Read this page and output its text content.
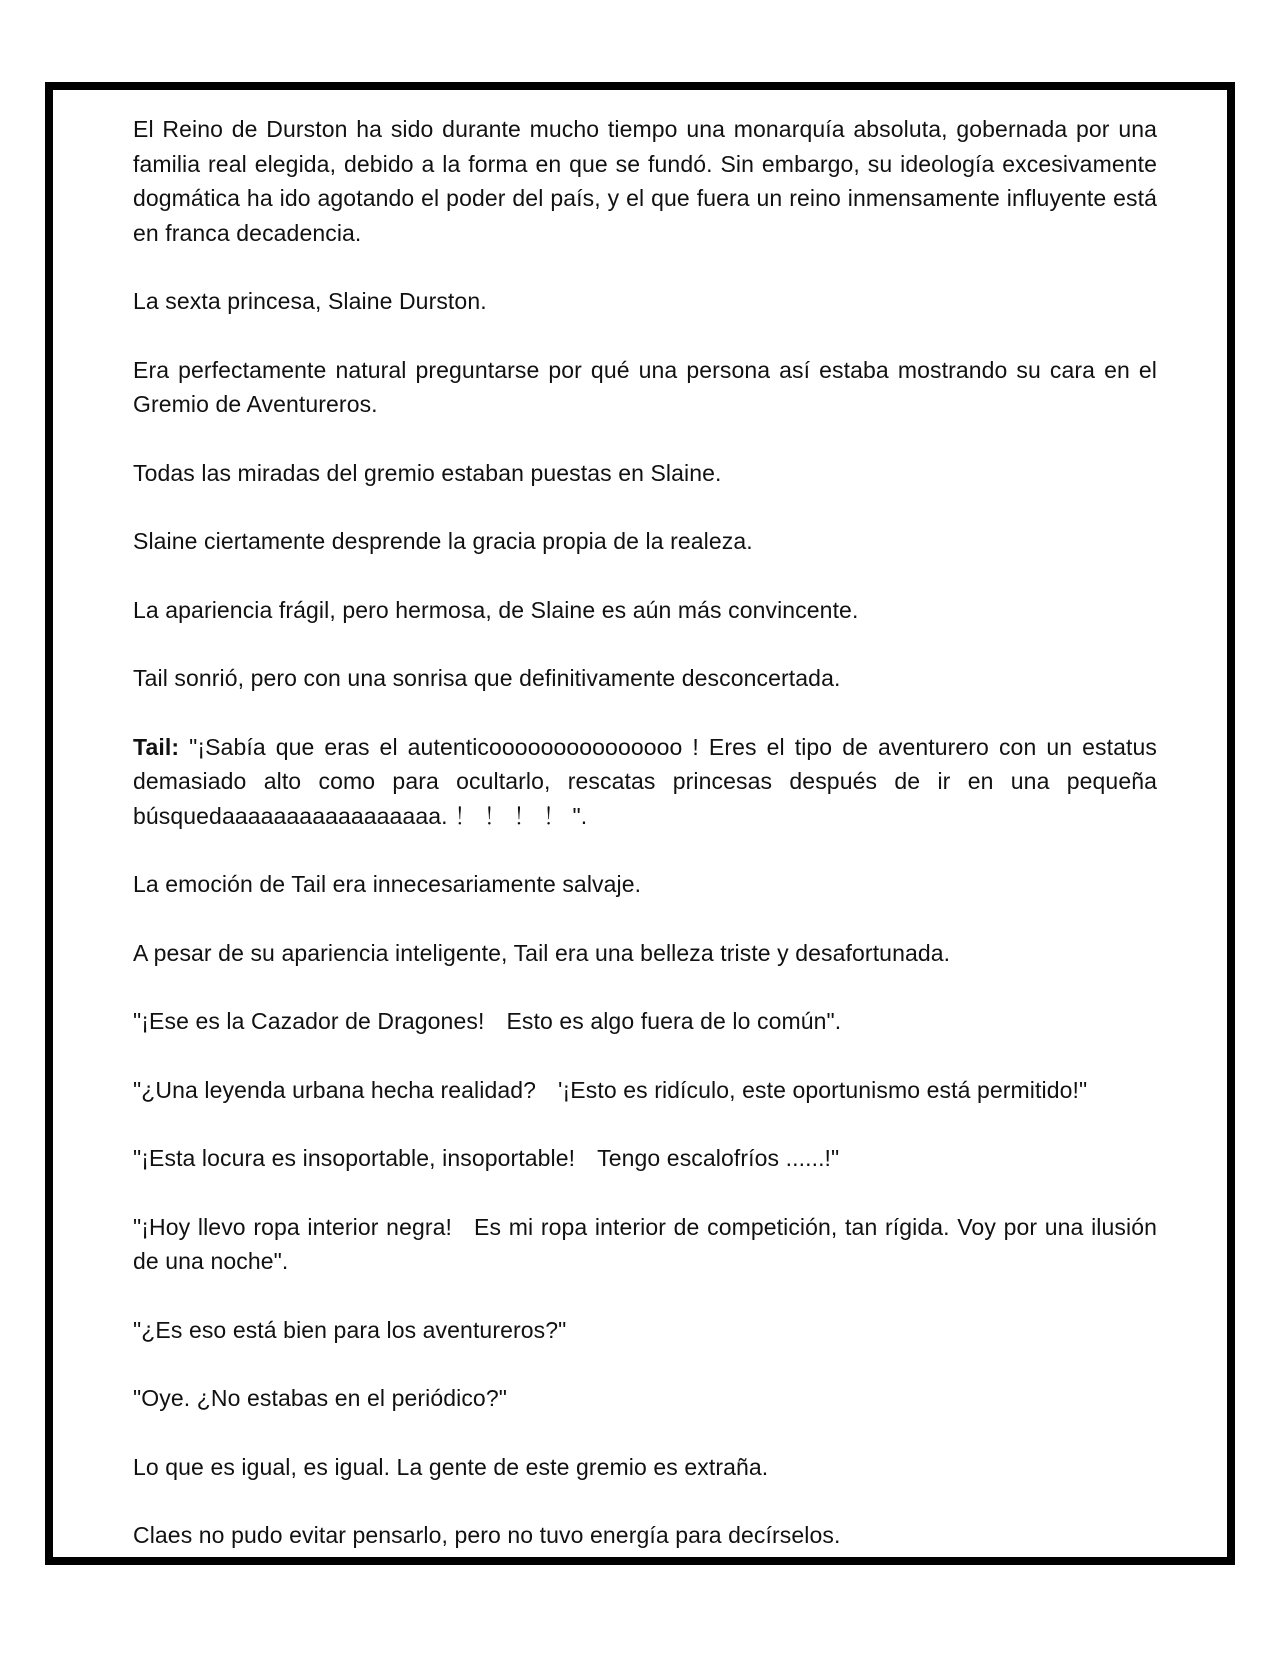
El Reino de Durston ha sido durante mucho tiempo una monarquía absoluta, gobernada por una familia real elegida, debido a la forma en que se fundó. Sin embargo, su ideología excesivamente dogmática ha ido agotando el poder del país, y el que fuera un reino inmensamente influyente está en franca decadencia.

La sexta princesa, Slaine Durston.

Era perfectamente natural preguntarse por qué una persona así estaba mostrando su cara en el Gremio de Aventureros.

Todas las miradas del gremio estaban puestas en Slaine.

Slaine ciertamente desprende la gracia propia de la realeza.

La apariencia frágil, pero hermosa, de Slaine es aún más convincente.

Tail sonrió, pero con una sonrisa que definitivamente desconcertada.

Tail: "¡Sabía que eras el autenticooooooooooooooo ! Eres el tipo de aventurero con un estatus demasiado alto como para ocultarlo, rescatas princesas después de ir en una pequeña búsquedaaaaaaaaaaaaaaaaa. ！ ！ ！ ！ ".

La emoción de Tail era innecesariamente salvaje.

A pesar de su apariencia inteligente, Tail era una belleza triste y desafortunada.

"¡Ese es la Cazador de Dragones! Esto es algo fuera de lo común".

"¿Una leyenda urbana hecha realidad? '¡Esto es ridículo, este oportunismo está permitido!"

"¡Esta locura es insoportable, insoportable! Tengo escalofríos ......!"

"¡Hoy llevo ropa interior negra! Es mi ropa interior de competición, tan rígida. Voy por una ilusión de una noche".

"¿Es eso está bien para los aventureros?"

"Oye. ¿No estabas en el periódico?"

Lo que es igual, es igual. La gente de este gremio es extraña.

Claes no pudo evitar pensarlo, pero no tuvo energía para decírselos.
